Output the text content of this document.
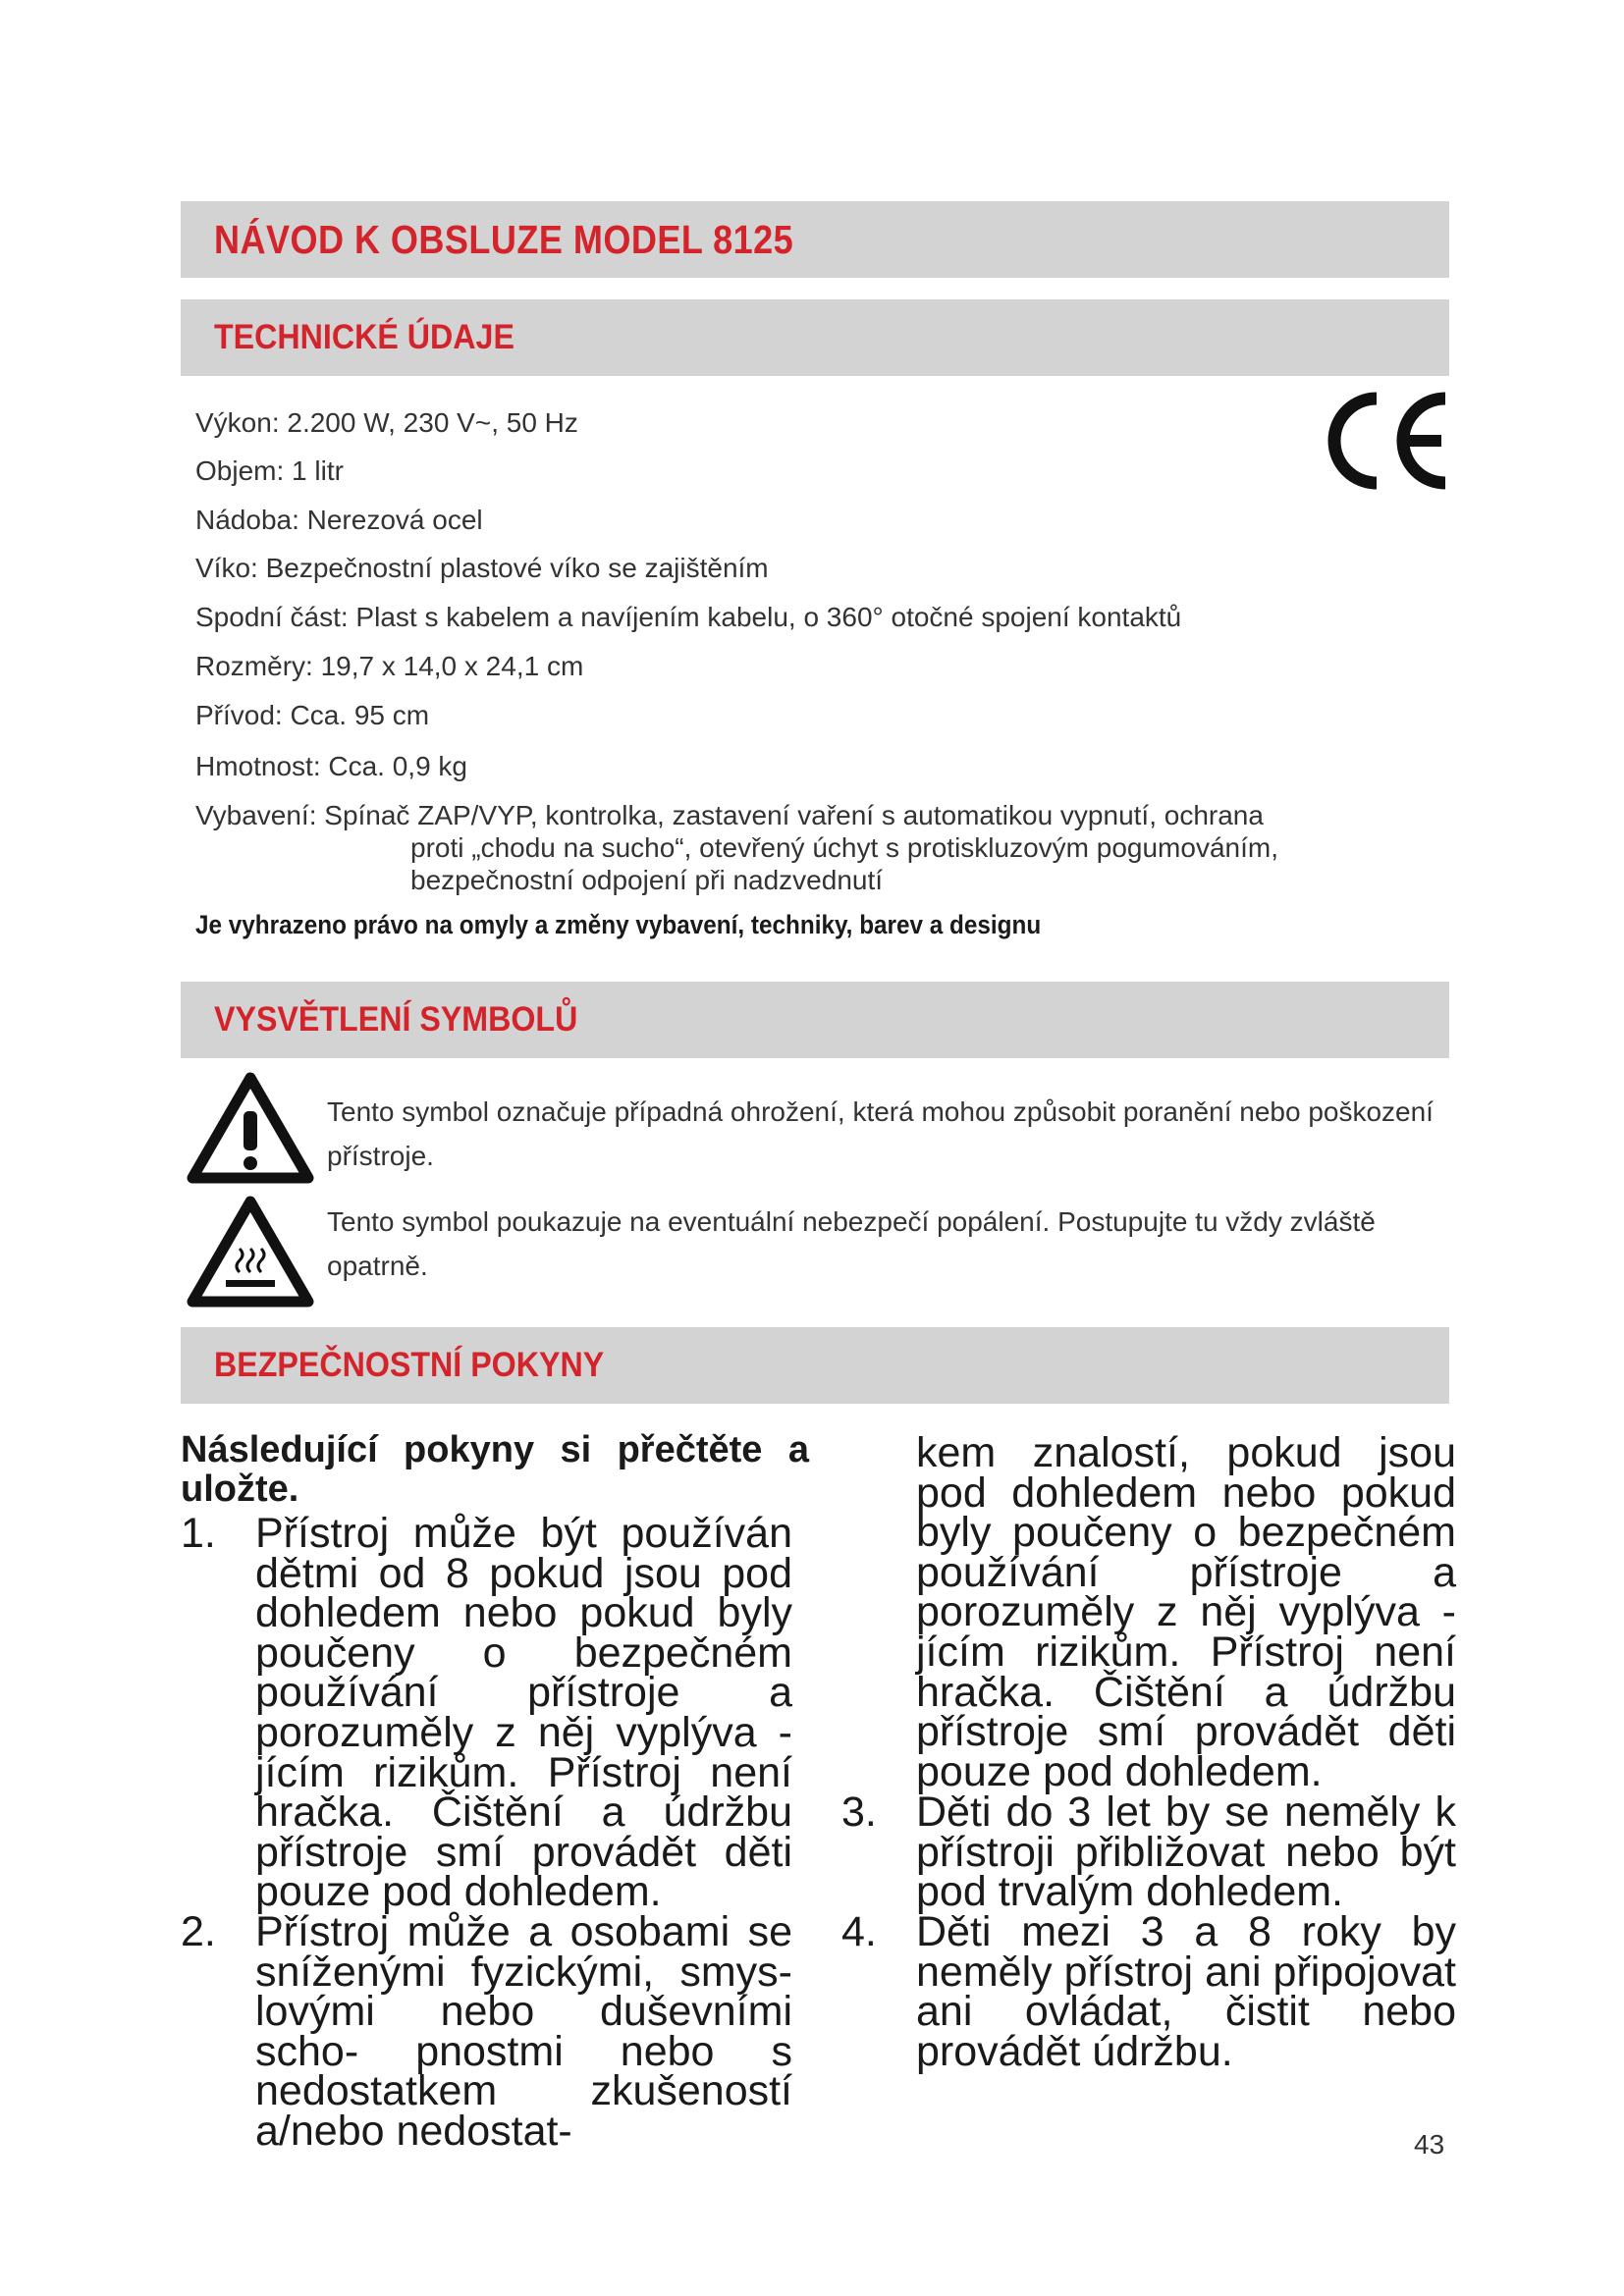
NÁVOD K OBSLUZE MODEL 8125
TECHNICKÉ ÚDAJE
Výkon: 2.200 W, 230 V~, 50 Hz
Objem: 1 litr
Nádoba: Nerezová ocel
Víko: Bezpečnostní plastové víko se zajištěním
Spodní část: Plast s kabelem a navíjením kabelu, o 360° otočné spojení kontaktů
Rozměry: 19,7 x 14,0 x 24,1 cm
Přívod: Cca. 95 cm
Hmotnost: Cca. 0,9 kg
Vybavení: Spínač ZAP/VYP, kontrolka, zastavení vaření s automatikou vypnutí, ochrana
proti „chodu na sucho“, otevřený úchyt s protiskluzovým pogumováním,
bezpečnostní odpojení při nadzvednutí
Je vyhrazeno právo na omyly a změny vybavení, techniky, barev a designu
VYSVĚTLENÍ SYMBOLŮ
Tento symbol označuje případná ohrožení, která mohou způsobit poranění nebo poškození přístroje.
Tento symbol poukazuje na eventuální nebezpečí popálení. Postupujte tu vždy zvláště opatrně.
BEZPEČNOSTNÍ POKYNY
Následující pokyny si přečtěte a uložte.
1. Přístroj může být používán dětmi od 8 pokud jsou pod dohledem nebo pokud byly poučeny o bezpečném používání přístroje a porozuměly z něj vyplýva - jícím rizikům. Přístroj není hračka. Čištění a údržbu přístroje smí provádět děti pouze pod dohledem.
2. Přístroj může a osobami se sníženými fyzickými, smys- lovými nebo duševními scho- pnostmi nebo s nedostatkem zkušeností a/nebo nedostat-
kem znalostí, pokud jsou pod dohledem nebo pokud byly poučeny o bezpečném používání přístroje a porozuměly z něj vyplýva - jícím rizikům. Přístroj není hračka. Čištění a údržbu přístroje smí provádět děti pouze pod dohledem.
3. Děti do 3 let by se neměly k přístroji přibližovat nebo být pod trvalým dohledem.
4. Děti mezi 3 a 8 roky by neměly přístroj ani připojovat ani ovládat, čistit nebo provádět údržbu.
43
